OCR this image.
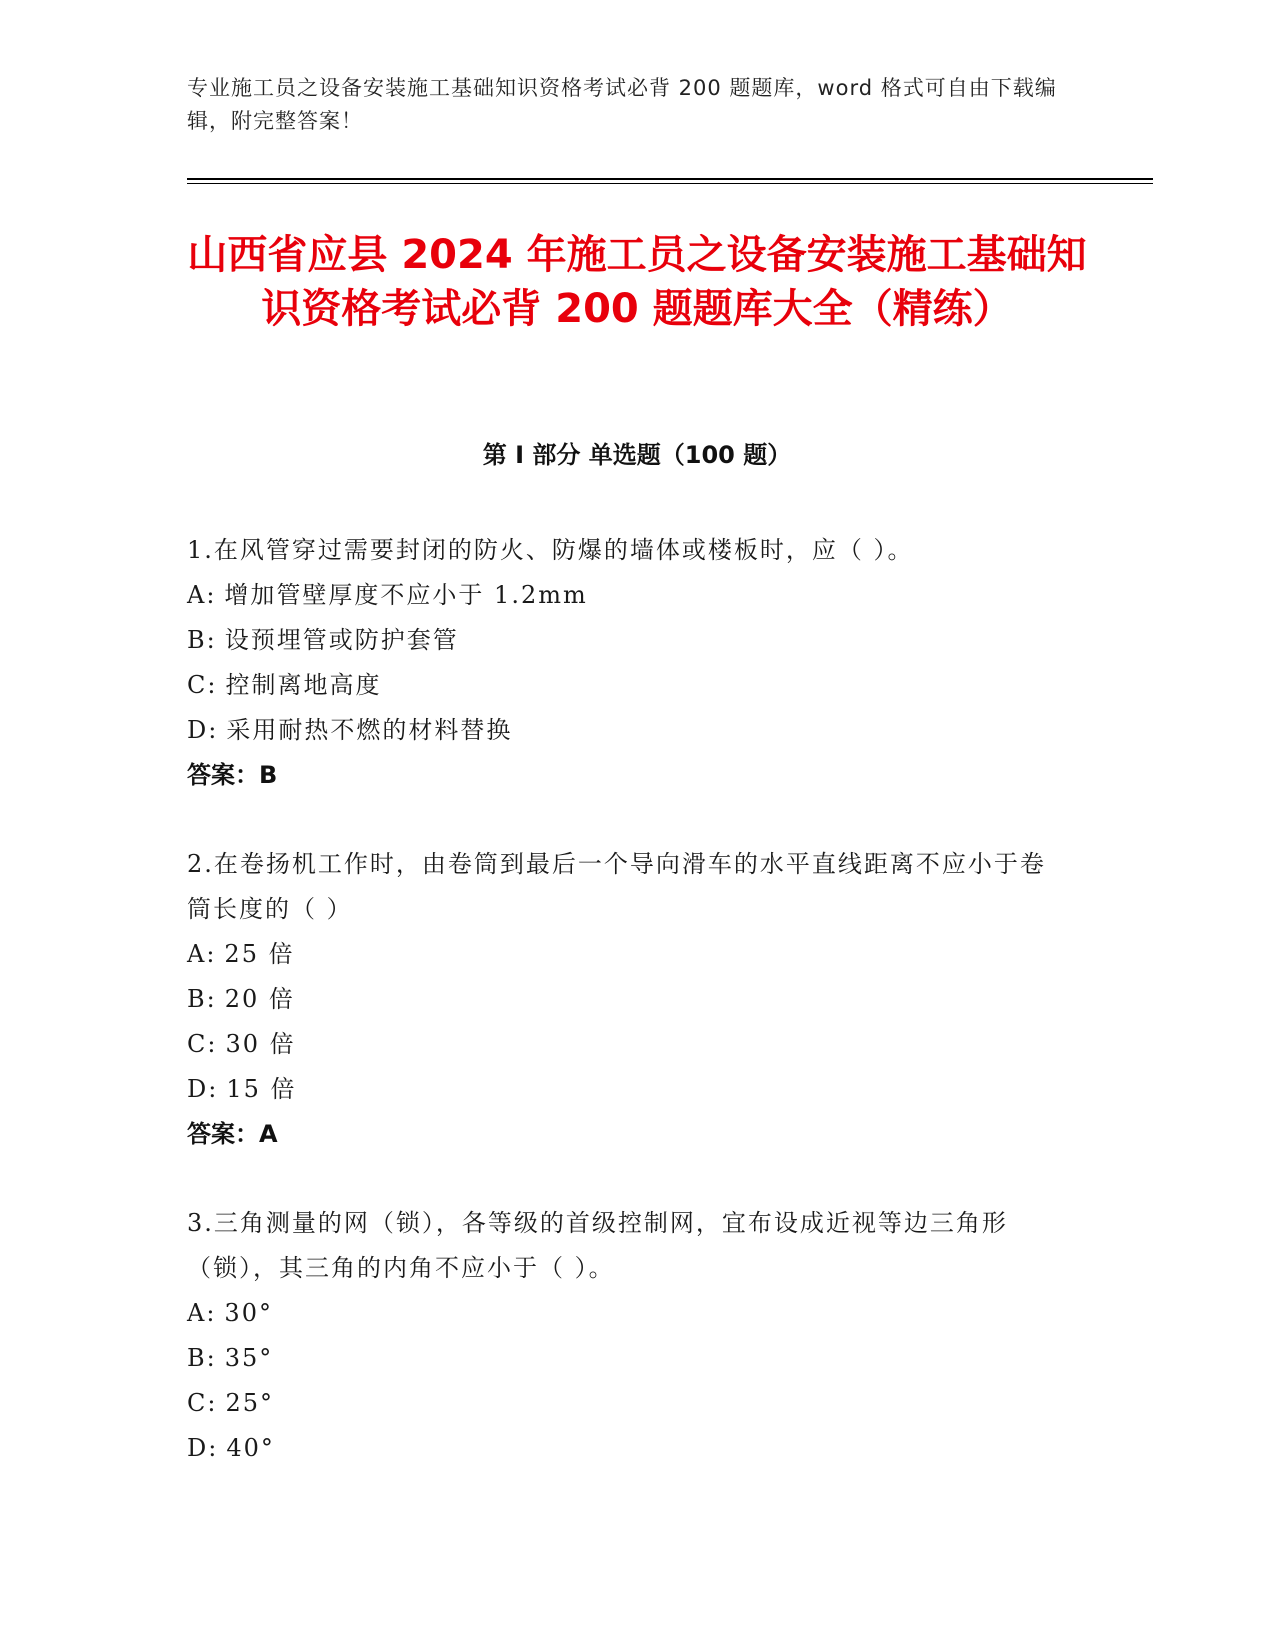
专业施工员之设备安装施工基础知识资格考试必背 200 题题库，word 格式可自由下载编辑，附完整答案！
山西省应县 2024 年施工员之设备安装施工基础知识资格考试必背 200 题题库大全（精练）
第 I 部分 单选题（100 题）
1.在风管穿过需要封闭的防火、防爆的墙体或楼板时，应（ ）。
A: 增加管壁厚度不应小于 1.2mm
B: 设预埋管或防护套管
C: 控制离地高度
D: 采用耐热不燃的材料替换
答案：B
2.在卷扬机工作时，由卷筒到最后一个导向滑车的水平直线距离不应小于卷筒长度的（ ）
A: 25 倍
B: 20 倍
C: 30 倍
D: 15 倍
答案：A
3.三角测量的网（锁），各等级的首级控制网，宜布设成近视等边三角形（锁），其三角的内角不应小于（ ）。
A: 30°
B: 35°
C: 25°
D: 40°
